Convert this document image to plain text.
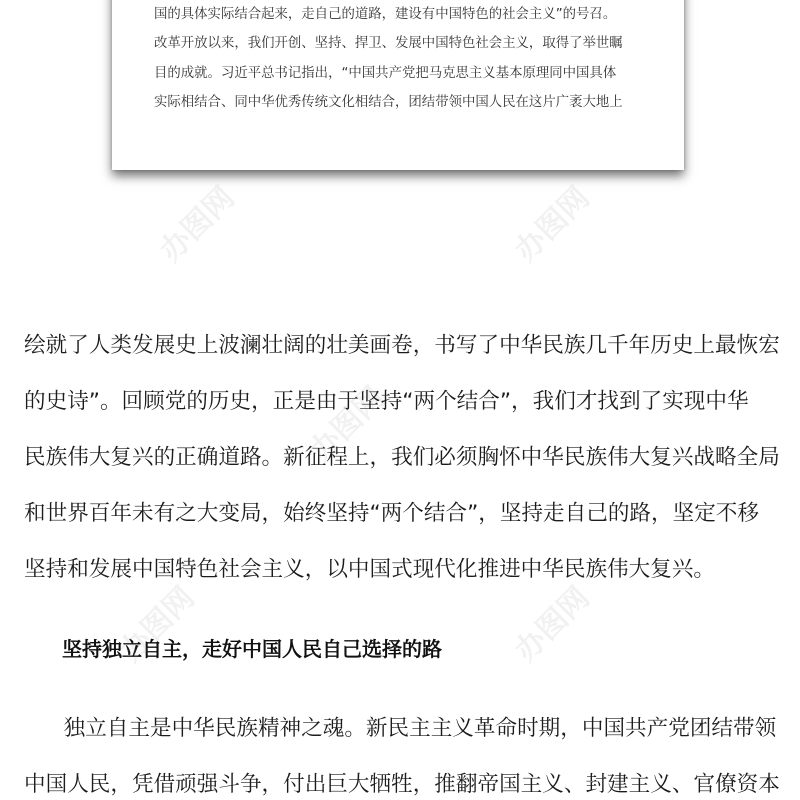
国的具体实际结合起来，走自己的道路，建设有中国特色的社会主义”的号召。
改革开放以来，我们开创、坚持、捍卫、发展中国特色社会主义，取得了举世瞩
目的成就。习近平总书记指出，“中国共产党把马克思主义基本原理同中国具体
实际相结合、同中华优秀传统文化相结合，团结带领中国人民在这片广袤大地上
绘就了人类发展史上波澜壮阔的壮美画卷，书写了中华民族几千年历史上最恢宏
的史诗”。回顾党的历史，正是由于坚持“两个结合”，我们才找到了实现中华
民族伟大复兴的正确道路。新征程上，我们必须胸怀中华民族伟大复兴战略全局
和世界百年未有之大变局，始终坚持“两个结合”，坚持走自己的路，坚定不移
坚持和发展中国特色社会主义，以中国式现代化推进中华民族伟大复兴。
坚持独立自主，走好中国人民自己选择的路
　独立自主是中华民族精神之魂。新民主主义革命时期，中国共产党团结带领
中国人民，凭借顽强斗争，付出巨大牺牲，推翻帝国主义、封建主义、官僚资本
办图网	办图网
办图网
办图网	办图网
